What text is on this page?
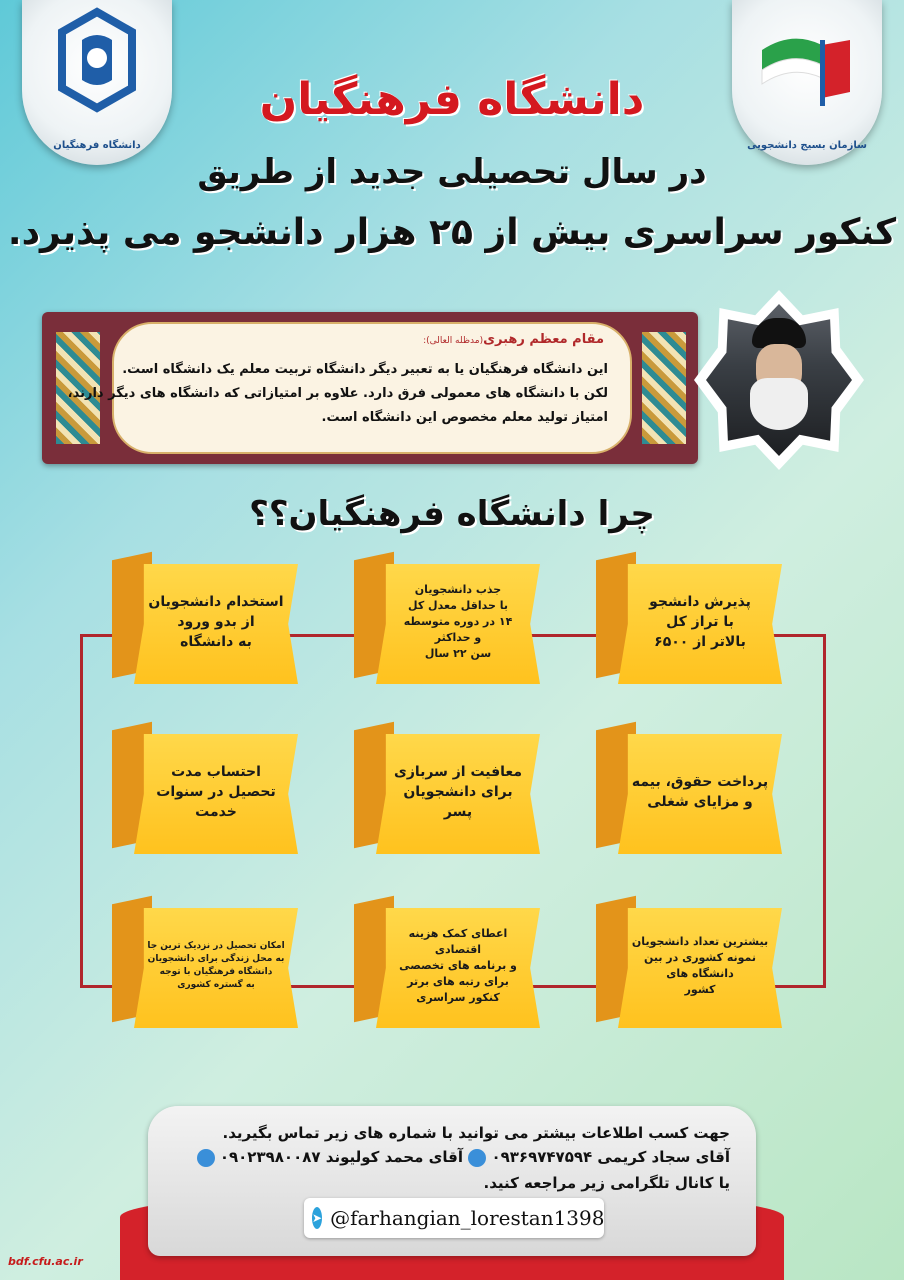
دانشگاه فرهنگیان	سازمان بسیج دانشجویی
دانشگاه فرهنگیان
در سال تحصیلی جدید از طریق
کنکور سراسری بیش از ۲۵ هزار دانشجو می پذیرد.
مقام معظم رهبری(مدظله العالی):
این دانشگاه فرهنگیان یا به تعبیر دیگر دانشگاه تربیت معلم یک دانشگاه است.
لکن با دانشگاه های معمولی فرق دارد. علاوه بر امتیازاتی که دانشگاه های دیگر دارند،
امتیاز تولید معلم مخصوص این دانشگاه است.
چرا دانشگاه فرهنگیان؟؟
پذیرش دانشجو
با تراز کل
بالاتر از ۶۵۰۰
جذب دانشجویان
با حداقل معدل کل
۱۴ در دوره متوسطه
و حداکثر
سن ۲۲ سال
استخدام دانشجویان
از بدو ورود
به دانشگاه
پرداخت حقوق، بیمه
و مزایای شغلی
معافیت از سربازی
برای دانشجویان
پسر
احتساب مدت
تحصیل در سنوات
خدمت
بیشترین تعداد دانشجویان
نمونه کشوری در بین
دانشگاه های
کشور
اعطای کمک هزینه اقتصادی
و برنامه های تخصصی
برای رتبه های برتر
کنکور سراسری
امکان تحصیل در نزدیک ترین جا
به محل زندگی برای دانشجویان
دانشگاه فرهنگیان با توجه
به گستره کشوری
جهت کسب اطلاعات بیشتر می توانید با شماره های زیر تماس بگیرید.
آقای سجاد کریمی ۰۹۳۶۹۷۴۷۵۹۴  آقای محمد کولیوند ۰۹۰۲۳۹۸۰۰۸۷
یا کانال تلگرامی زیر مراجعه کنید.
➤ @farhangian_lorestan1398
bdf.cfu.ac.ir
